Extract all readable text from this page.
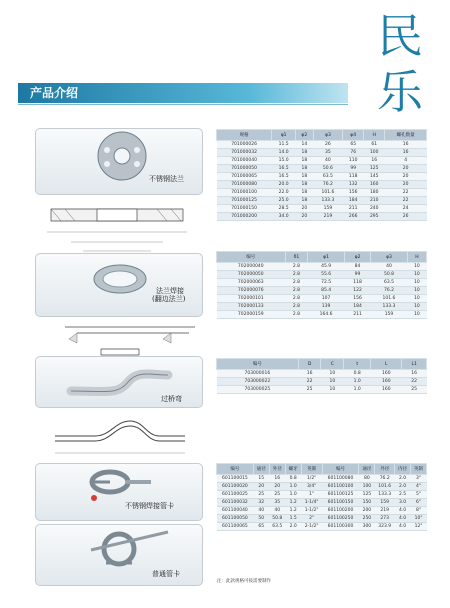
民
乐
产品介绍
不锈钢法兰
法兰焊接
(翻边法兰)
过桥弯
不锈钢焊接管卡
普通管卡
规格	φ1	φ2	φ3	φ4	H	螺孔数量
701000026	11.5	14	26	65	61	16
701000032	14.0	18	35	76	100	16
701000040	15.0	18	40	110	16	4
701000050	16.5	18	50.6	99	125	20
701000065	16.5	18	63.5	118	145	20
701000080	20.0	18	76.2	132	160	20
701000100	22.0	18	101.6	156	180	22
701000125	25.0	18	133.3	184	210	22
701000150	28.5	20	159	211	240	24
701000200	34.0	20	219	266	295	26
编号	δ1	φ1	φ2	φ3	H
702000040	2.8	45.9	84	40	10
702000050	2.8	55.6	99	50.8	10
702000063	2.8	72.5	118	63.5	10
702000076	2.8	85.4	122	76.2	10
702000101	2.8	107	156	101.6	10
702000133	2.8	139	184	133.3	10
702000159	2.8	164.6	211	159	10
编号	D	C	t	L	L1
703000016	16	10	0.8	160	16
703000022	22	10	1.0	160	22
703000025	25	10	1.0	160	25
编号	通径	外径	螺牙	英制	编号	通径	外径	内径	英制
601100015	15	16	0.8	1/2"	601100080	80	76.2	2.0	3"
601100020	20	20	1.0	3/4"	601100100	100	101.6	2.0	4"
601100025	25	25	1.0	1"	601100125	125	133.3	2.5	5"
601100032	32	35	1.2	1-1/4"	601100150	150	159	3.0	6"
601100040	40	40	1.2	1-1/2"	601100200	200	219	4.0	8"
601100050	50	50.8	1.5	2"	601100250	250	273	4.0	10"
601100065	65	63.5	2.0	2-1/2"	601100300	300	323.9	4.0	12"
注：此款规格可按需要制作
